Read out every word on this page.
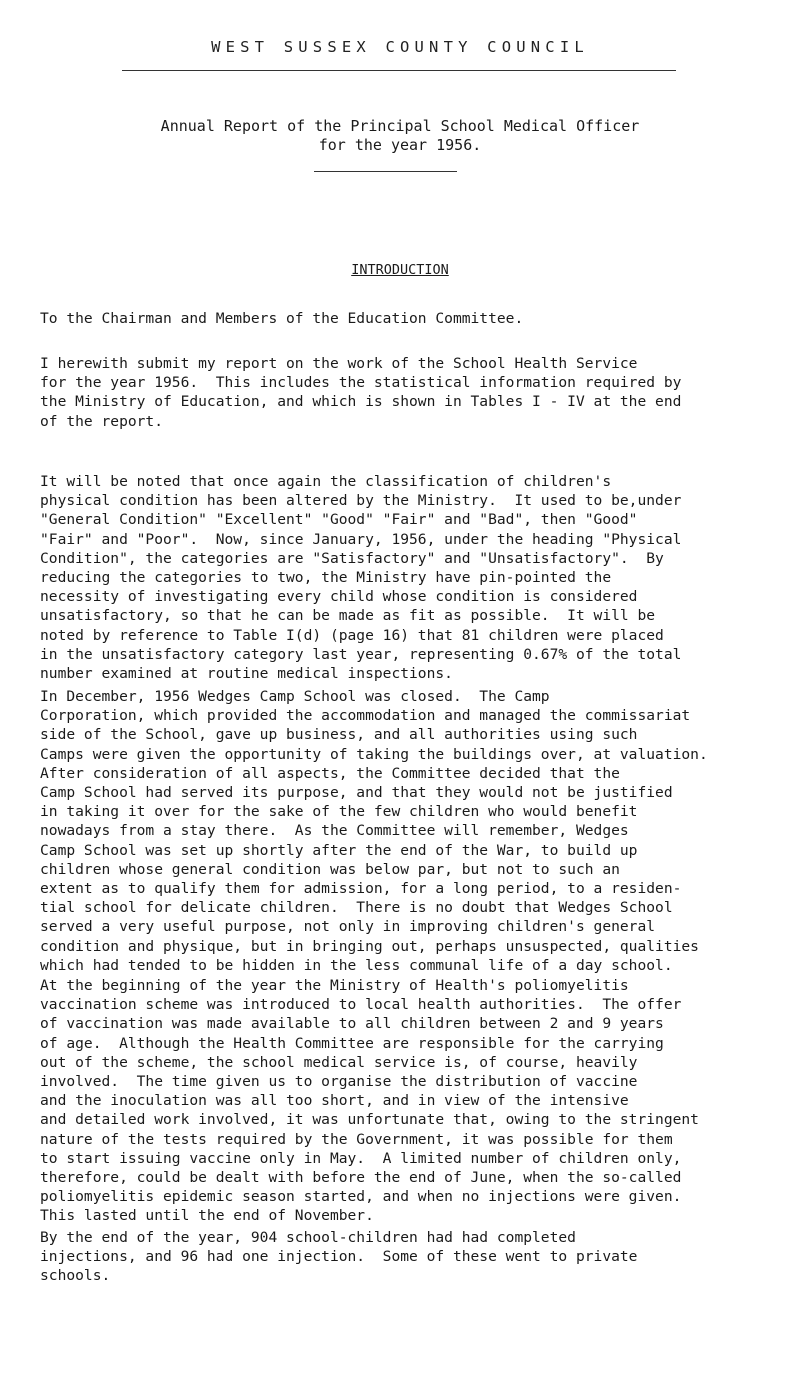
WEST SUSSEX COUNTY COUNCIL
Annual Report of the Principal School Medical Officer
for the year 1956.
INTRODUCTION

To the Chairman and Members of the Education Committee.

I herewith submit my report on the work of the School Health Service
for the year 1956.  This includes the statistical information required by
the Ministry of Education, and which is shown in Tables I - IV at the end
of the report.

It will be noted that once again the classification of children's
physical condition has been altered by the Ministry.  It used to be,under
"General Condition" "Excellent" "Good" "Fair" and "Bad", then "Good"
"Fair" and "Poor".  Now, since January, 1956, under the heading "Physical
Condition", the categories are "Satisfactory" and "Unsatisfactory".  By
reducing the categories to two, the Ministry have pin-pointed the
necessity of investigating every child whose condition is considered
unsatisfactory, so that he can be made as fit as possible.  It will be
noted by reference to Table I(d) (page 16) that 81 children were placed
in the unsatisfactory category last year, representing 0.67% of the total
number examined at routine medical inspections.

In December, 1956 Wedges Camp School was closed.  The Camp
Corporation, which provided the accommodation and managed the commissariat
side of the School, gave up business, and all authorities using such
Camps were given the opportunity of taking the buildings over, at valuation.
After consideration of all aspects, the Committee decided that the
Camp School had served its purpose, and that they would not be justified
in taking it over for the sake of the few children who would benefit
nowadays from a stay there.  As the Committee will remember, Wedges
Camp School was set up shortly after the end of the War, to build up
children whose general condition was below par, but not to such an
extent as to qualify them for admission, for a long period, to a residen-
tial school for delicate children.  There is no doubt that Wedges School
served a very useful purpose, not only in improving children's general
condition and physique, but in bringing out, perhaps unsuspected, qualities
which had tended to be hidden in the less communal life of a day school.

At the beginning of the year the Ministry of Health's poliomyelitis
vaccination scheme was introduced to local health authorities.  The offer
of vaccination was made available to all children between 2 and 9 years
of age.  Although the Health Committee are responsible for the carrying
out of the scheme, the school medical service is, of course, heavily
involved.  The time given us to organise the distribution of vaccine
and the inoculation was all too short, and in view of the intensive
and detailed work involved, it was unfortunate that, owing to the stringent
nature of the tests required by the Government, it was possible for them
to start issuing vaccine only in May.  A limited number of children only,
therefore, could be dealt with before the end of June, when the so-called
poliomyelitis epidemic season started, and when no injections were given.
This lasted until the end of November.

By the end of the year, 904 school-children had had completed
injections, and 96 had one injection.  Some of these went to private
schools.
